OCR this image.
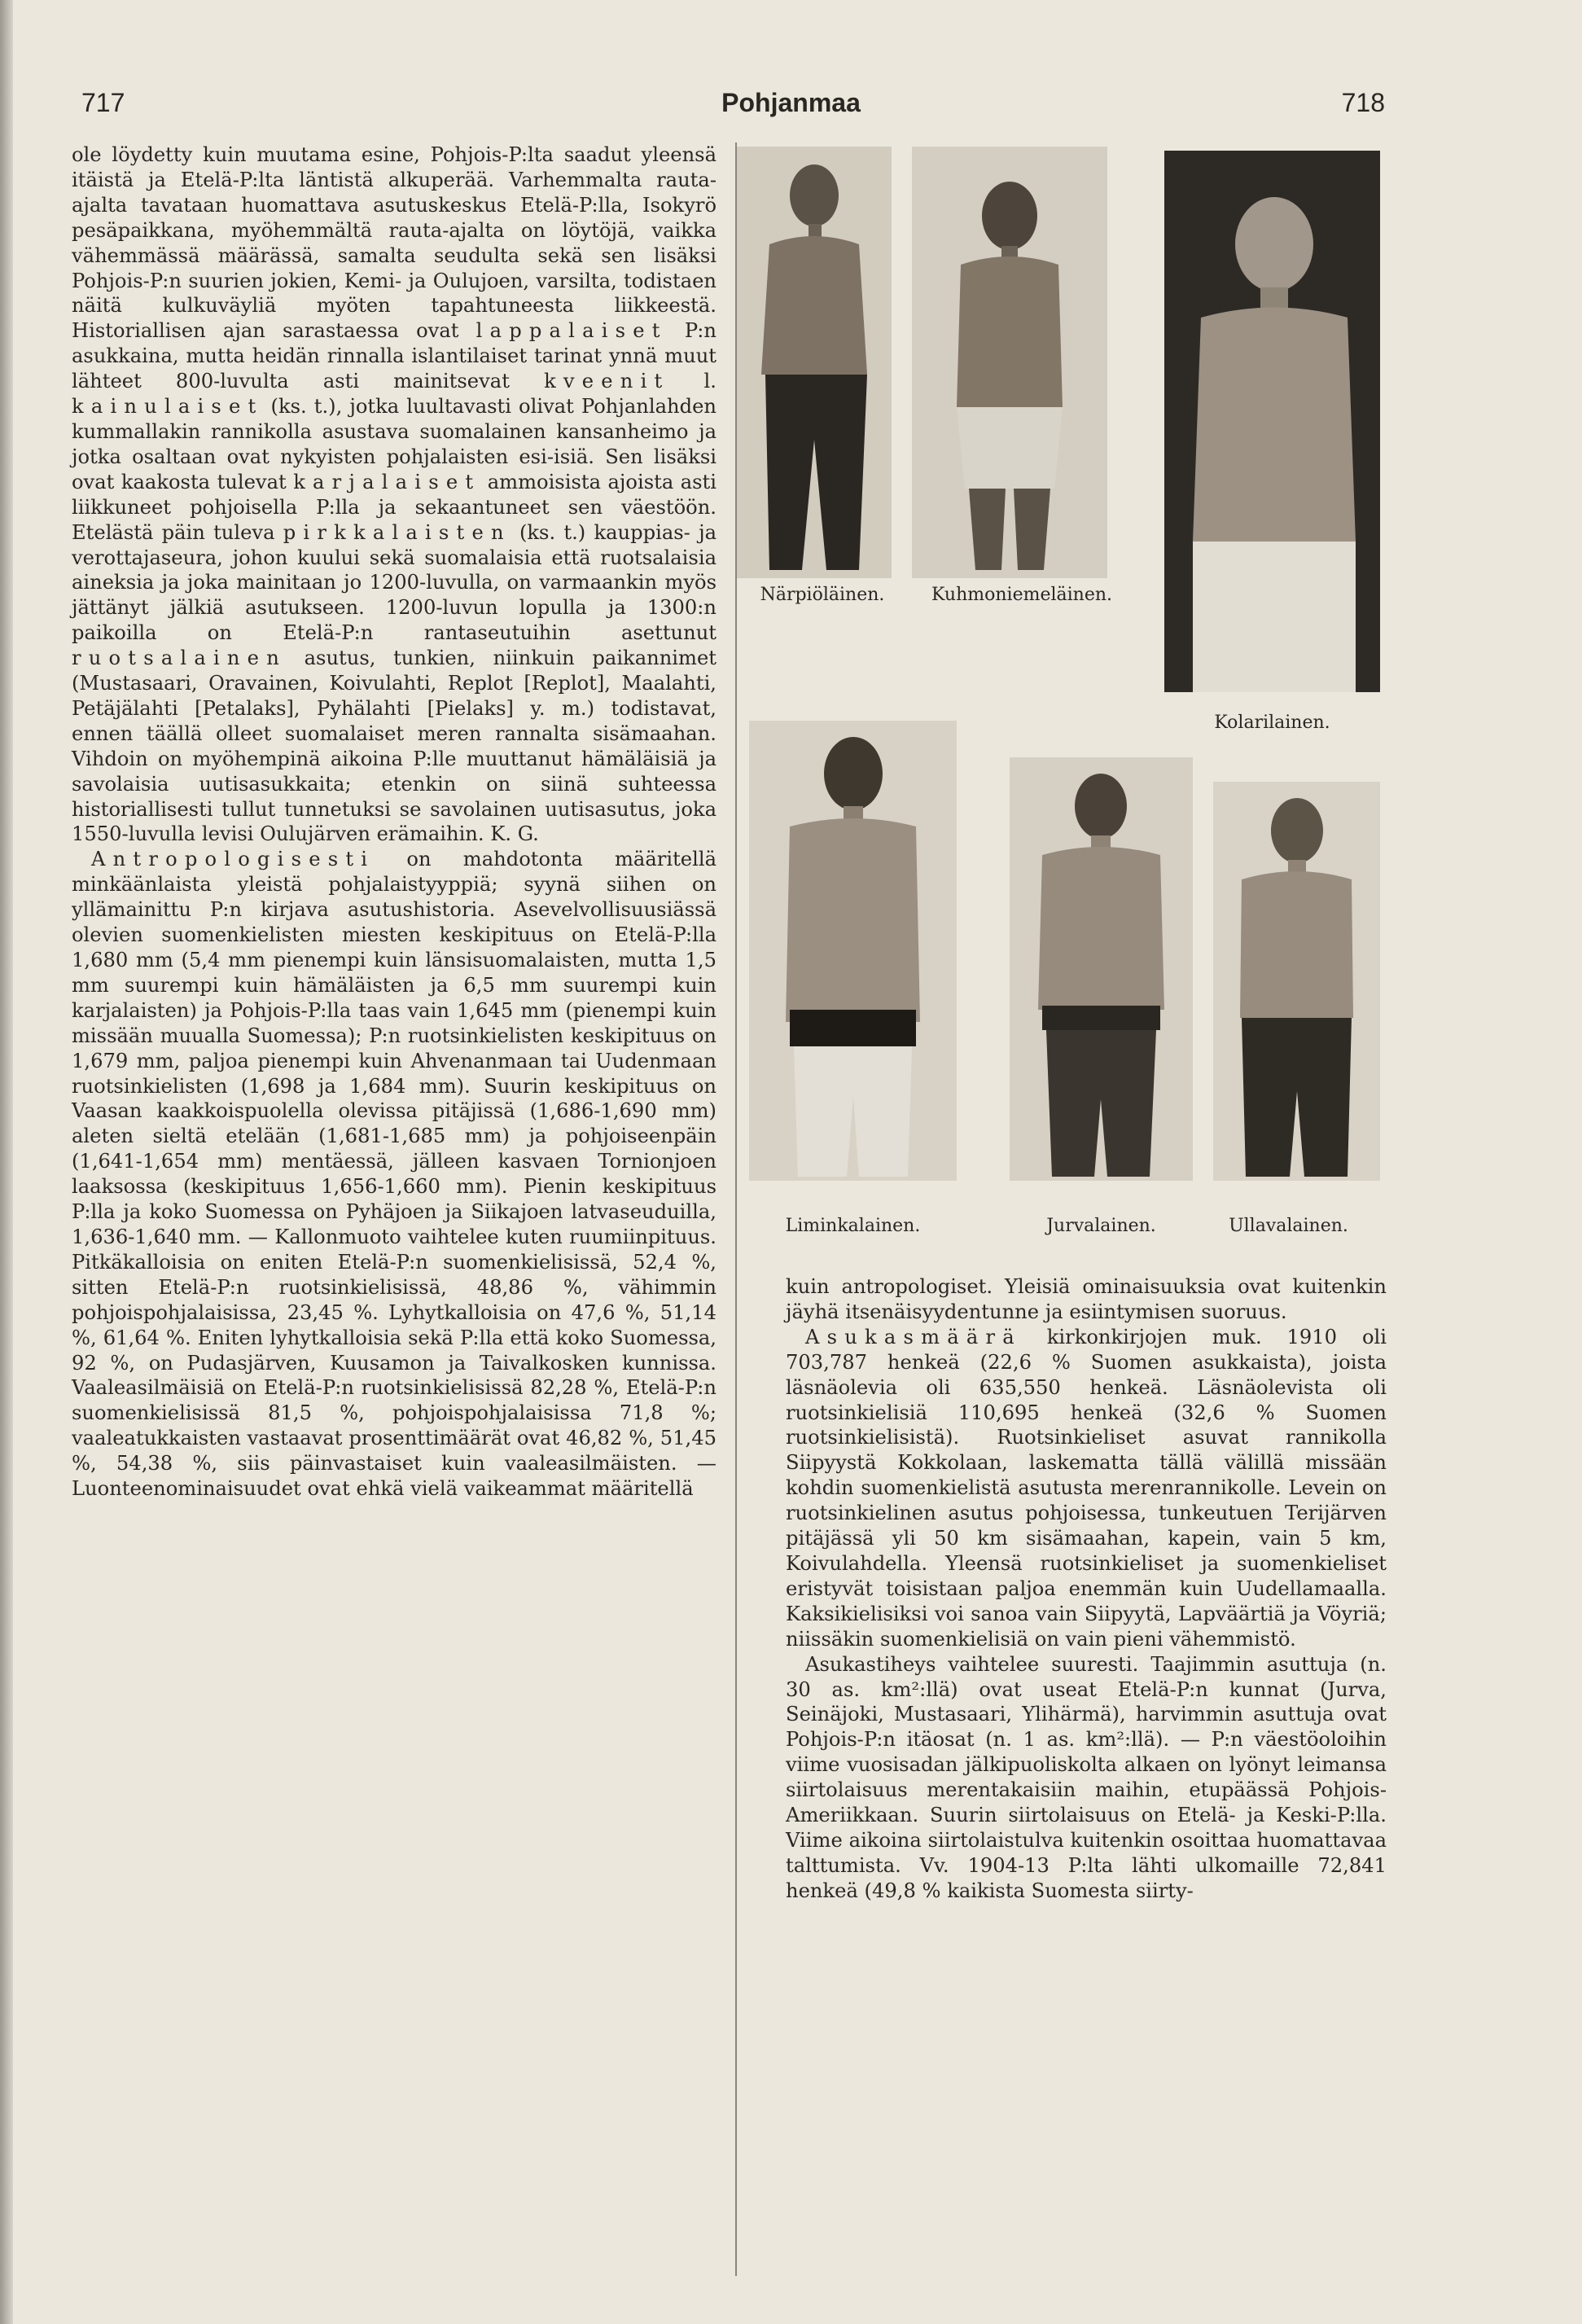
717	Pohjanmaa	718

ole löydetty kuin muutama esine, Pohjois-P:lta saadut yleensä itäistä ja Etelä-P:lta läntistä alkuperää. Varhemmalta rauta-ajalta tavataan huomattava asutuskeskus Etelä-P:lla, Isokyrö pesäpaikkana, myöhemmältä rauta-ajalta on löytöjä, vaikka vähemmässä määrässä, samalta seudulta sekä sen lisäksi Pohjois-P:n suurien jokien, Kemi- ja Oulujoen, varsilta, todistaen näitä kulkuväyliä myöten tapahtuneesta liikkeestä. Historiallisen ajan sarastaessa ovat lappalaiset P:n asukkaina, mutta heidän rinnalla islantilaiset tarinat ynnä muut lähteet 800-luvulta asti mainitsevat kveenit l. kainulaiset (ks. t.), jotka luultavasti olivat Pohjanlahden kummallakin rannikolla asustava suomalainen kansanheimo ja jotka osaltaan ovat nykyisten pohjalaisten esi-isiä. Sen lisäksi ovat kaakosta tulevat karjalaiset ammoisista ajoista asti liikkuneet pohjoisella P:lla ja sekaantuneet sen väestöön. Etelästä päin tuleva pirkkalaisten (ks. t.) kauppias- ja verottajaseura, johon kuului sekä suomalaisia että ruotsalaisia aineksia ja joka mainitaan jo 1200-luvulla, on varmaankin myös jättänyt jälkiä asutukseen. 1200-luvun lopulla ja 1300:n paikoilla on Etelä-P:n rantaseutuihin asettunut ruotsalainen asutus, tunkien, niinkuin paikannimet (Mustasaari, Oravainen, Koivulahti, Replot [Replot], Maalahti, Petäjälahti [Petalaks], Pyhälahti [Pielaks] y. m.) todistavat, ennen täällä olleet suomalaiset meren rannalta sisämaahan. Vihdoin on myöhempinä aikoina P:lle muuttanut hämäläisiä ja savolaisia uutisasukkaita; etenkin on siinä suhteessa historiallisesti tullut tunnetuksi se savolainen uutisasutus, joka 1550-luvulla levisi Oulujärven erämaihin. K. G.

Antropologisesti on mahdotonta määritellä minkäänlaista yleistä pohjalaistyyppiä; syynä siihen on yllämainittu P:n kirjava asutushistoria. Asevelvollisuusiässä olevien suomenkielisten miesten keskipituus on Etelä-P:lla 1,680 mm (5,4 mm pienempi kuin länsisuomalaisten, mutta 1,5 mm suurempi kuin hämäläisten ja 6,5 mm suurempi kuin karjalaisten) ja Pohjois-P:lla taas vain 1,645 mm (pienempi kuin missään muualla Suomessa); P:n ruotsinkielisten keskipituus on 1,679 mm, paljoa pienempi kuin Ahvenanmaan tai Uudenmaan ruotsinkielisten (1,698 ja 1,684 mm). Suurin keskipituus on Vaasan kaakkoispuolella olevissa pitäjissä (1,686-1,690 mm) aleten sieltä etelään (1,681-1,685 mm) ja pohjoiseenpäin (1,641-1,654 mm) mentäessä, jälleen kasvaen Tornionjoen laaksossa (keskipituus 1,656-1,660 mm). Pienin keskipituus P:lla ja koko Suomessa on Pyhäjoen ja Siikajoen latvaseuduilla, 1,636-1,640 mm. — Kallonmuoto vaihtelee kuten ruumiinpituus. Pitkäkalloisia on eniten Etelä-P:n suomenkielisissä, 52,4 %, sitten Etelä-P:n ruotsinkielisissä, 48,86 %, vähimmin pohjoispohjalaisissa, 23,45 %. Lyhytkalloisia on 47,6 %, 51,14 %, 61,64 %. Eniten lyhytkalloisia sekä P:lla että koko Suomessa, 92 %, on Pudasjärven, Kuusamon ja Taivalkosken kunnissa. Vaaleasilmäisiä on Etelä-P:n ruotsinkielisissä 82,28 %, Etelä-P:n suomenkielisissä 81,5 %, pohjoispohjalaisissa 71,8 %; vaaleatukkaisten vastaavat prosenttimäärät ovat 46,82 %, 51,45 %, 54,38 %, siis päinvastaiset kuin vaaleasilmäisten. — Luonteenominaisuudet ovat ehkä vielä vaikeammat määritellä

kuin antropologiset. Yleisiä ominaisuuksia ovat kuitenkin jäyhä itsenäisyydentunne ja esiintymisen suoruus.

Asukasmäärä kirkonkirjojen muk. 1910 oli 703,787 henkeä (22,6 % Suomen asukkaista), joista läsnäolevia oli 635,550 henkeä. Läsnäolevista oli ruotsinkielisiä 110,695 henkeä (32,6 % Suomen ruotsinkielisistä). Ruotsinkieliset asuvat rannikolla Siipyystä Kokkolaan, laskematta tällä välillä missään kohdin suomenkielistä asutusta merenrannikolle. Levein on ruotsinkielinen asutus pohjoisessa, tunkeutuen Terijärven pitäjässä yli 50 km sisämaahan, kapein, vain 5 km, Koivulahdella. Yleensä ruotsinkieliset ja suomenkieliset eristyvät toisistaan paljoa enemmän kuin Uudellamaalla. Kaksikielisiksi voi sanoa vain Siipyytä, Lapväärtiä ja Vöyriä; niissäkin suomenkielisiä on vain pieni vähemmistö.

Asukastiheys vaihtelee suuresti. Taajimmin asuttuja (n. 30 as. km²:llä) ovat useat Etelä-P:n kunnat (Jurva, Seinäjoki, Mustasaari, Ylihärmä), harvimmin asuttuja ovat Pohjois-P:n itäosat (n. 1 as. km²:llä). — P:n väestöoloihin viime vuosisadan jälkipuoliskolta alkaen on lyönyt leimansa siirtolaisuus merentakaisiin maihin, etupäässä Pohjois-Ameriikkaan. Suurin siirtolaisuus on Etelä- ja Keski-P:lla. Viime aikoina siirtolaistulva kuitenkin osoittaa huomattavaa talttumista. Vv. 1904-13 P:lta lähti ulkomaille 72,841 henkeä (49,8 % kaikista Suomesta siirty-

Närpiöläinen.	Kuhmoniemeläinen.
Kolarilainen.
Liminkalainen.	Jurvalainen.	Ullavalainen.
